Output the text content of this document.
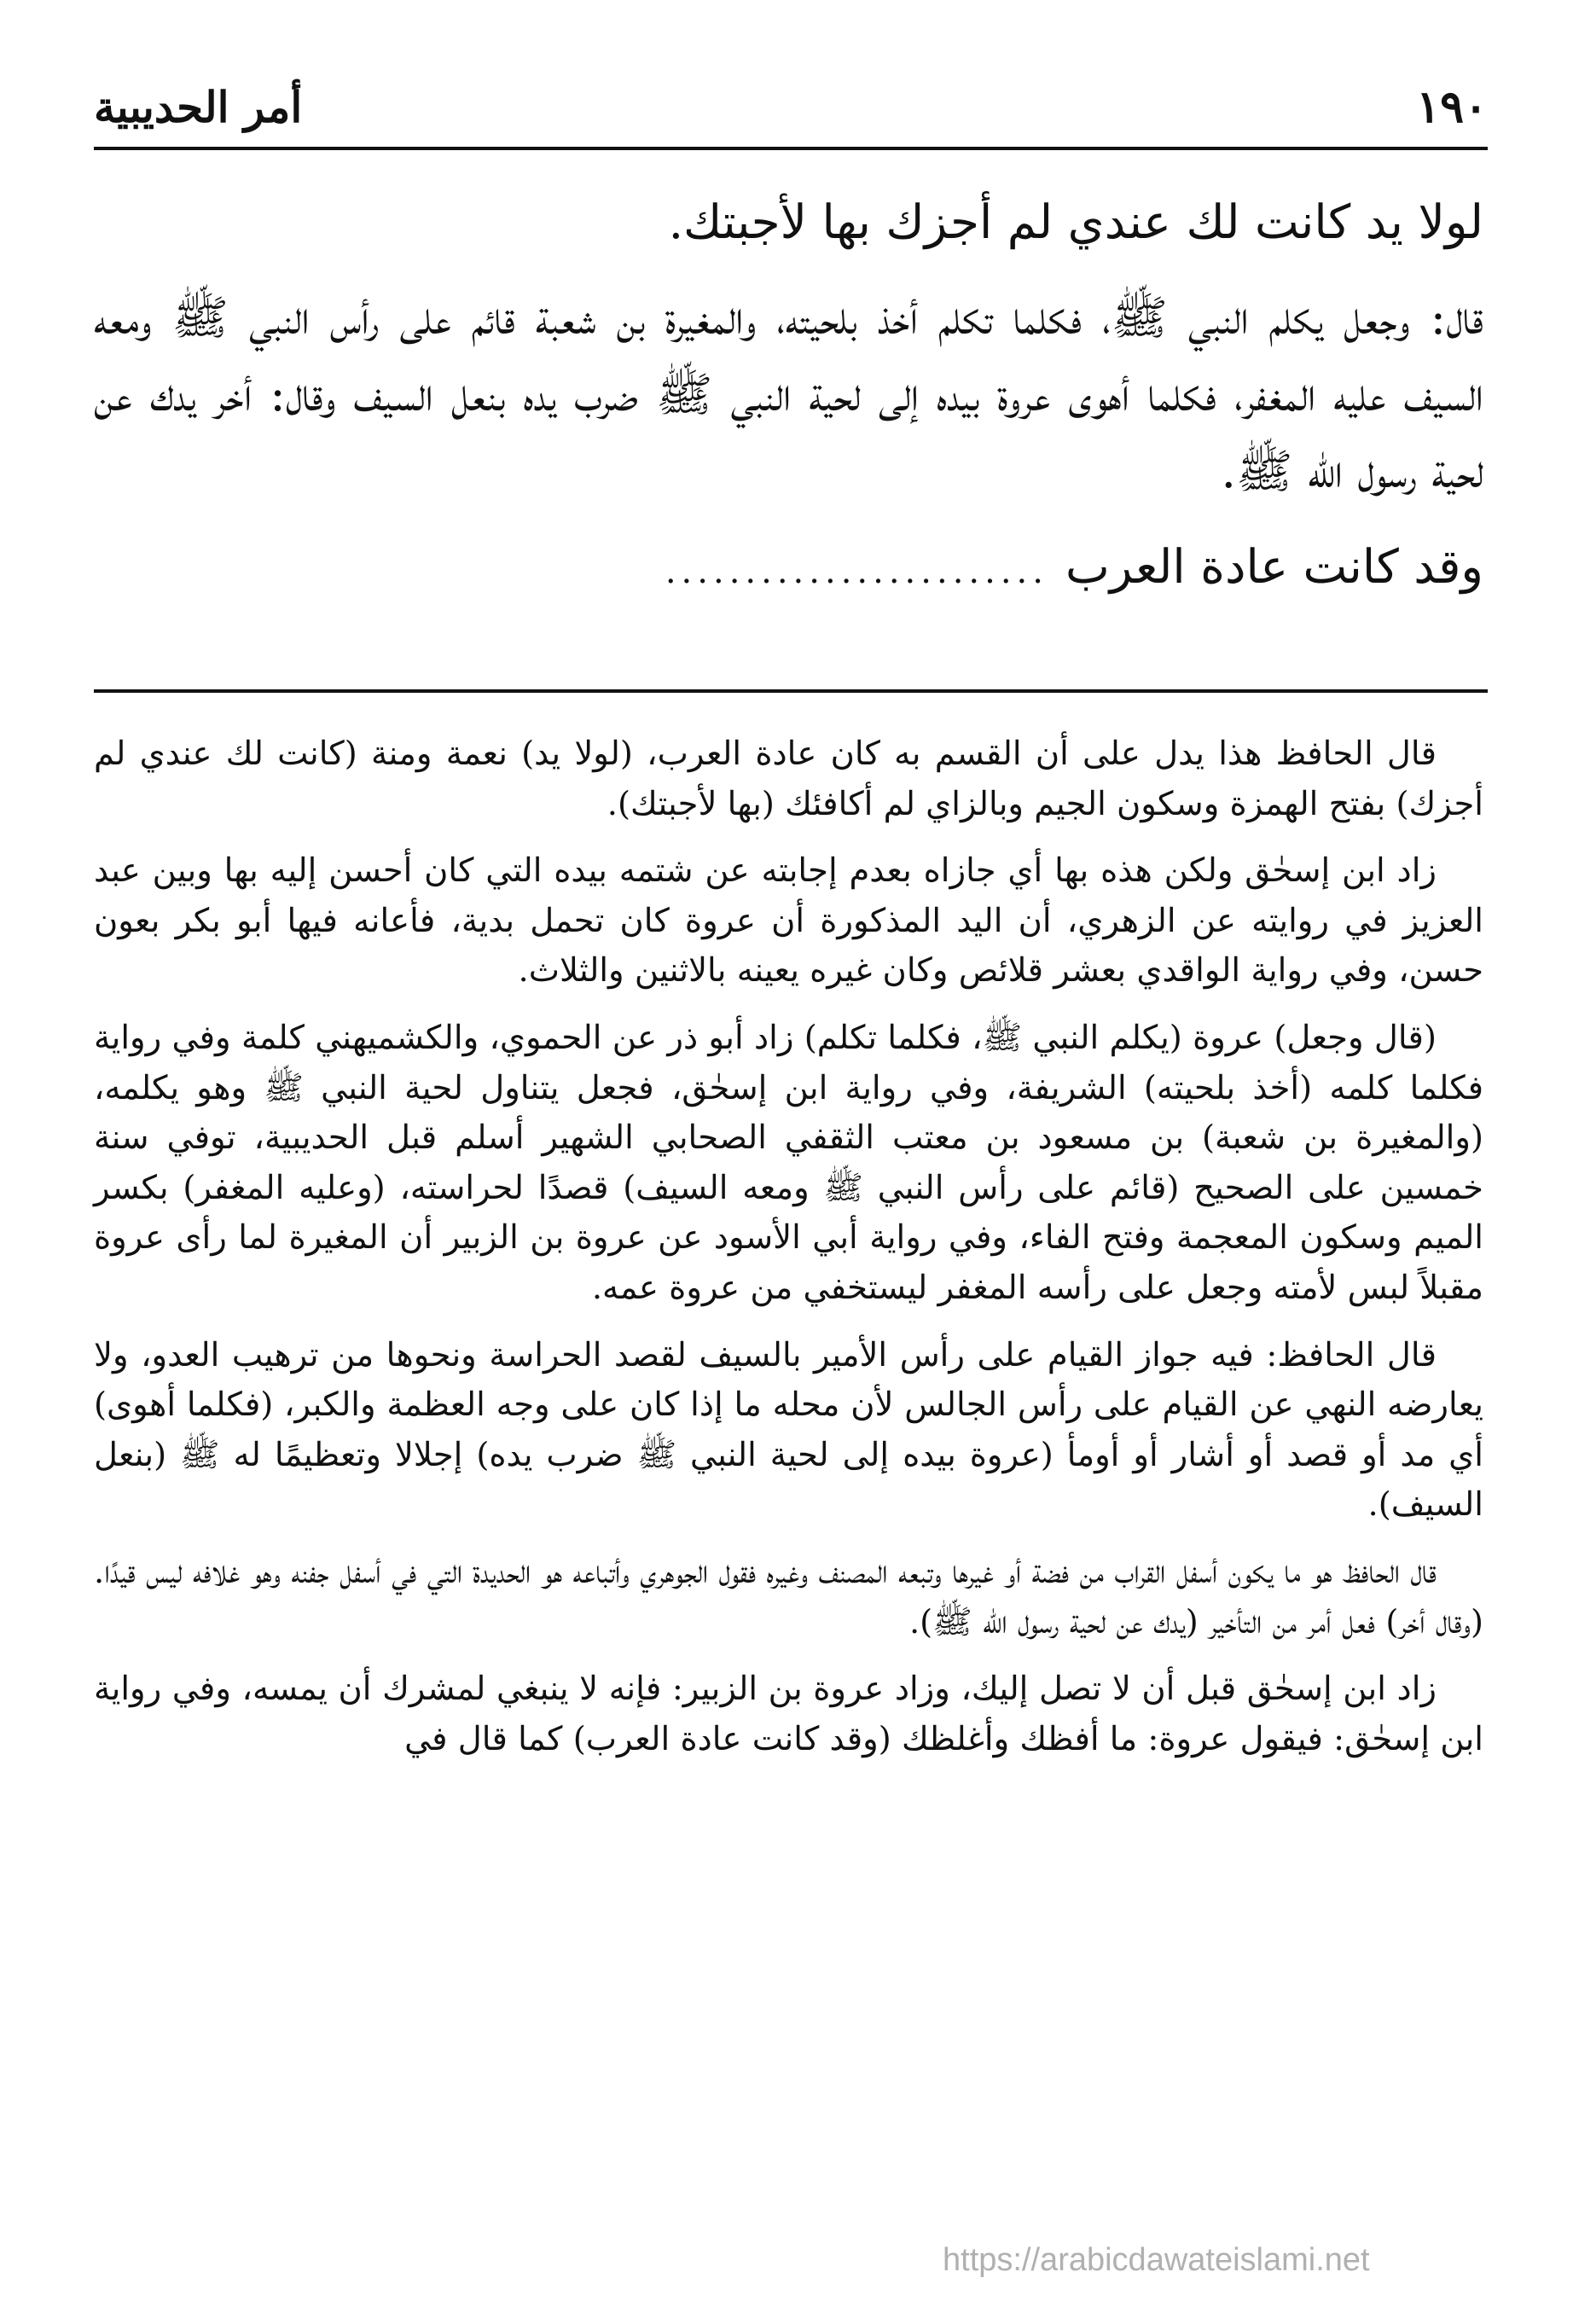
١٩٠
أمر الحديبية

لولا يد كانت لك عندي لم أجزك بها لأجبتك.

قال: وجعل يكلم النبي ﷺ، فكلما تكلم أخذ بلحيته، والمغيرة بن شعبة قائم على رأس النبي ﷺ ومعه السيف عليه المغفر، فكلما أهوى عروة بيده إلى لحية النبي ﷺ ضرب يده بنعل السيف وقال: أخر يدك عن لحية رسول الله ﷺ.

وقد كانت عادة العرب
........................

قال الحافظ هذا يدل على أن القسم به كان عادة العرب، (لولا يد) نعمة ومنة (كانت لك عندي لم أجزك) بفتح الهمزة وسكون الجيم وبالزاي لم أكافئك (بها لأجبتك).

زاد ابن إسحٰق ولكن هذه بها أي جازاه بعدم إجابته عن شتمه بيده التي كان أحسن إليه بها وبين عبد العزيز في روايته عن الزهري، أن اليد المذكورة أن عروة كان تحمل بدية، فأعانه فيها أبو بكر بعون حسن، وفي رواية الواقدي بعشر قلائص وكان غيره يعينه بالاثنين والثلاث.

(قال وجعل) عروة (يكلم النبي ﷺ، فكلما تكلم) زاد أبو ذر عن الحموي، والكشميهني كلمة وفي رواية فكلما كلمه (أخذ بلحيته) الشريفة، وفي رواية ابن إسحٰق، فجعل يتناول لحية النبي ﷺ وهو يكلمه، (والمغيرة بن شعبة) بن مسعود بن معتب الثقفي الصحابي الشهير أسلم قبل الحديبية، توفي سنة خمسين على الصحيح (قائم على رأس النبي ﷺ ومعه السيف) قصدًا لحراسته، (وعليه المغفر) بكسر الميم وسكون المعجمة وفتح الفاء، وفي رواية أبي الأسود عن عروة بن الزبير أن المغيرة لما رأى عروة مقبلاً لبس لأمته وجعل على رأسه المغفر ليستخفي من عروة عمه.

قال الحافظ: فيه جواز القيام على رأس الأمير بالسيف لقصد الحراسة ونحوها من ترهيب العدو، ولا يعارضه النهي عن القيام على رأس الجالس لأن محله ما إذا كان على وجه العظمة والكبر، (فكلما أهوى) أي مد أو قصد أو أشار أو أومأ (عروة بيده إلى لحية النبي ﷺ ضرب يده) إجلالا وتعظيمًا له ﷺ (بنعل السيف).

قال الحافظ هو ما يكون أسفل القراب من فضة أو غيرها وتبعه المصنف وغيره فقول الجوهري وأتباعه هو الحديدة التي في أسفل جفنه وهو غلافه ليس قيدًا. (وقال أخر) فعل أمر من التأخير (يدك عن لحية رسول الله ﷺ).

زاد ابن إسحٰق قبل أن لا تصل إليك، وزاد عروة بن الزبير: فإنه لا ينبغي لمشرك أن يمسه، وفي رواية ابن إسحٰق: فيقول عروة: ما أفظك وأغلظك (وقد كانت عادة العرب) كما قال في

https://arabicdawateislami.net
